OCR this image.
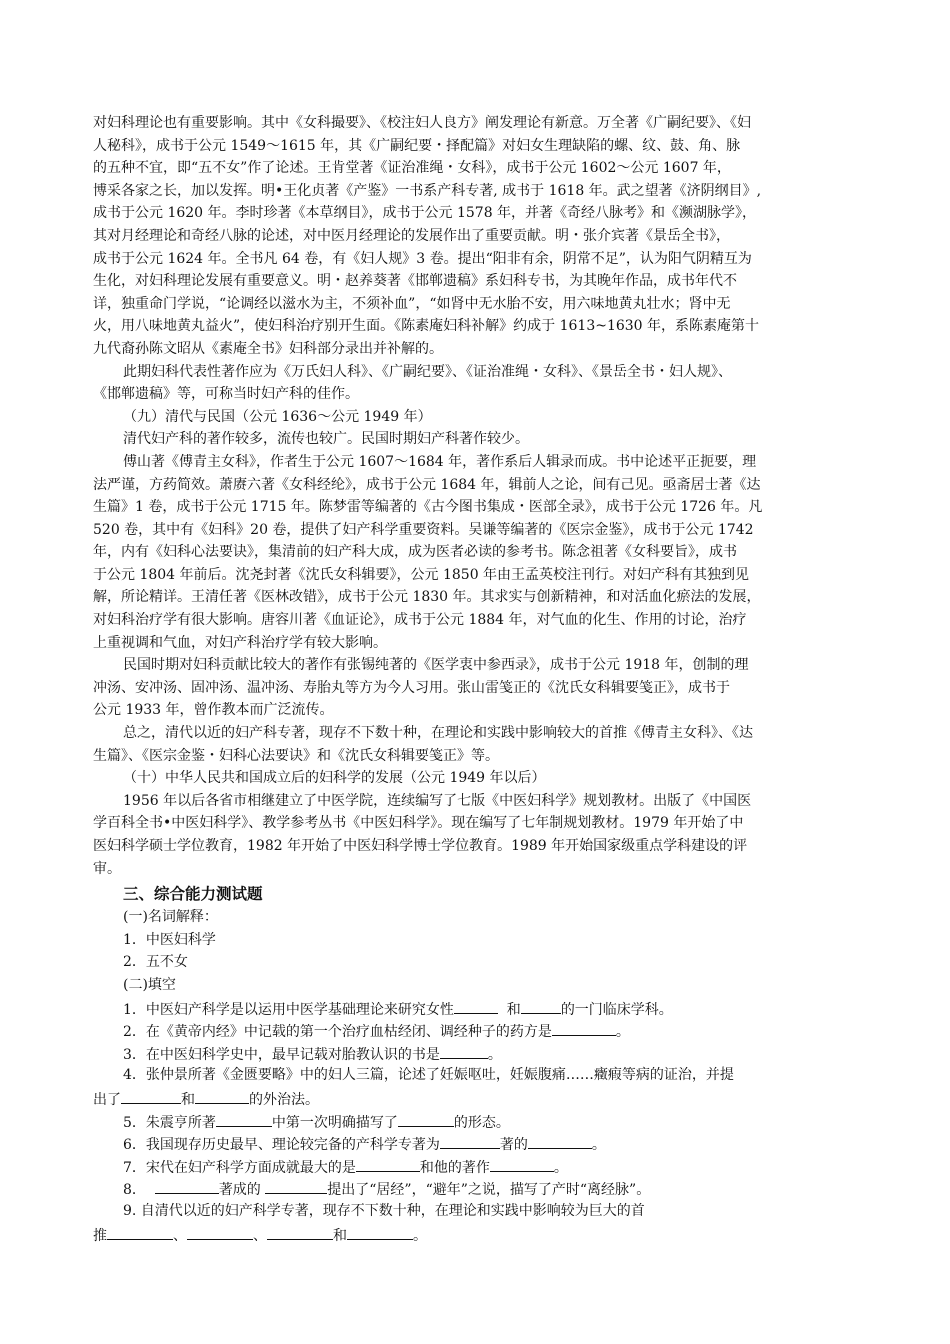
对妇科理论也有重要影响。其中《女科撮要》、《校注妇人良方》阐发理论有新意。万全著《广嗣纪要》、《妇
人秘科》，成书于公元 1549～1615 年，其《广嗣纪要・择配篇》对妇女生理缺陷的螺、纹、鼓、角、脉
的五种不宜，即“五不女”作了论述。王肯堂著《证治准绳・女科》，成书于公元 1602～公元 1607 年，
博采各家之长，加以发挥。明•王化贞著《产鉴》一书系产科专著, 成书于 1618 年。武之望著《济阴纲目》,
成书于公元 1620 年。李时珍著《本草纲目》，成书于公元 1578 年，并著《奇经八脉考》和《濒湖脉学》，
其对月经理论和奇经八脉的论述，对中医月经理论的发展作出了重要贡献。明・张介宾著《景岳全书》，
成书于公元 1624 年。全书凡 64 卷，有《妇人规》3 卷。提出“阳非有余，阴常不足”，认为阳气阴精互为
生化，对妇科理论发展有重要意义。明・赵养葵著《邯郸遗稿》系妇科专书，为其晚年作品，成书年代不
详，独重命门学说，“论调经以滋水为主，不须补血”，“如肾中无水胎不安，用六味地黄丸壮水；肾中无
火，用八味地黄丸益火”，使妇科治疗别开生面。《陈素庵妇科补解》约成于 1613~1630 年，系陈素庵第十
九代裔孙陈文昭从《素庵全书》妇科部分录出并补解的。
此期妇科代表性著作应为《万氏妇人科》、《广嗣纪要》、《证治准绳・女科》、《景岳全书・妇人规》、
《邯郸遗稿》等，可称当时妇产科的佳作。
（九）清代与民国（公元 1636～公元 1949 年）
清代妇产科的著作较多，流传也较广。民国时期妇产科著作较少。
傅山著《傅青主女科》，作者生于公元 1607～1684 年，著作系后人辑录而成。书中论述平正扼要，理
法严谨，方药简效。萧赓六著《女科经纶》，成书于公元 1684 年，辑前人之论，间有己见。亟斋居士著《达
生篇》1 卷，成书于公元 1715 年。陈梦雷等编著的《古今图书集成・医部全录》，成书于公元 1726 年。凡
520 卷，其中有《妇科》20 卷，提供了妇产科学重要资料。吴谦等编著的《医宗金鉴》，成书于公元 1742
年，内有《妇科心法要诀》，集清前的妇产科大成，成为医者必读的参考书。陈念祖著《女科要旨》，成书
于公元 1804 年前后。沈尧封著《沈氏女科辑要》，公元 1850 年由王孟英校注刊行。对妇产科有其独到见
解，所论精详。王清任著《医林改错》，成书于公元 1830 年。其求实与创新精神，和对活血化瘀法的发展，
对妇科治疗学有很大影响。唐容川著《血证论》，成书于公元 1884 年，对气血的化生、作用的讨论，治疗
上重视调和气血，对妇产科治疗学有较大影响。
民国时期对妇科贡献比较大的著作有张锡纯著的《医学衷中参西录》，成书于公元 1918 年，创制的理
冲汤、安冲汤、固冲汤、温冲汤、寿胎丸等方为今人习用。张山雷笺正的《沈氏女科辑要笺正》，成书于
公元 1933 年，曾作教本而广泛流传。
总之，清代以近的妇产科专著，现存不下数十种，在理论和实践中影响较大的首推《傅青主女科》、《达
生篇》、《医宗金鉴・妇科心法要诀》和《沈氏女科辑要笺正》等。
（十）中华人民共和国成立后的妇科学的发展（公元 1949 年以后）
1956 年以后各省市相继建立了中医学院，连续编写了七版《中医妇科学》规划教材。出版了《中国医
学百科全书•中医妇科学》、教学参考丛书《中医妇科学》。现在编写了七年制规划教材。1979 年开始了中
医妇科学硕士学位教育，1982 年开始了中医妇科学博士学位教育。1989 年开始国家级重点学科建设的评
审。
三、综合能力测试题
(一)名词解释：
1．中医妇科学
2．五不女
(二)填空
1．中医妇产科学是以运用中医学基础理论来研究女性	和	的一门临床学科。
2．在《黄帝内经》中记载的第一个治疗血枯经闭、调经种子的药方是	。
3．在中医妇科学史中，最早记载对胎教认识的书是	。
4．张仲景所著《金匮要略》中的妇人三篇，论述了妊娠呕吐，妊娠腹痛……癥瘕等病的证治，并提
出了	和	的外治法。
5．朱震亨所著	中第一次明确描写了	的形态。
6．我国现存历史最早、理论较完备的产科学专著为	著的	。
7．宋代在妇产科学方面成就最大的是	和他的著作	。
8．	著成的	提出了“居经”，“避年”之说，描写了产时“离经脉”。
9. 自清代以近的妇产科学专著，现存不下数十种，在理论和实践中影响较为巨大的首
推	、	、	和	。
